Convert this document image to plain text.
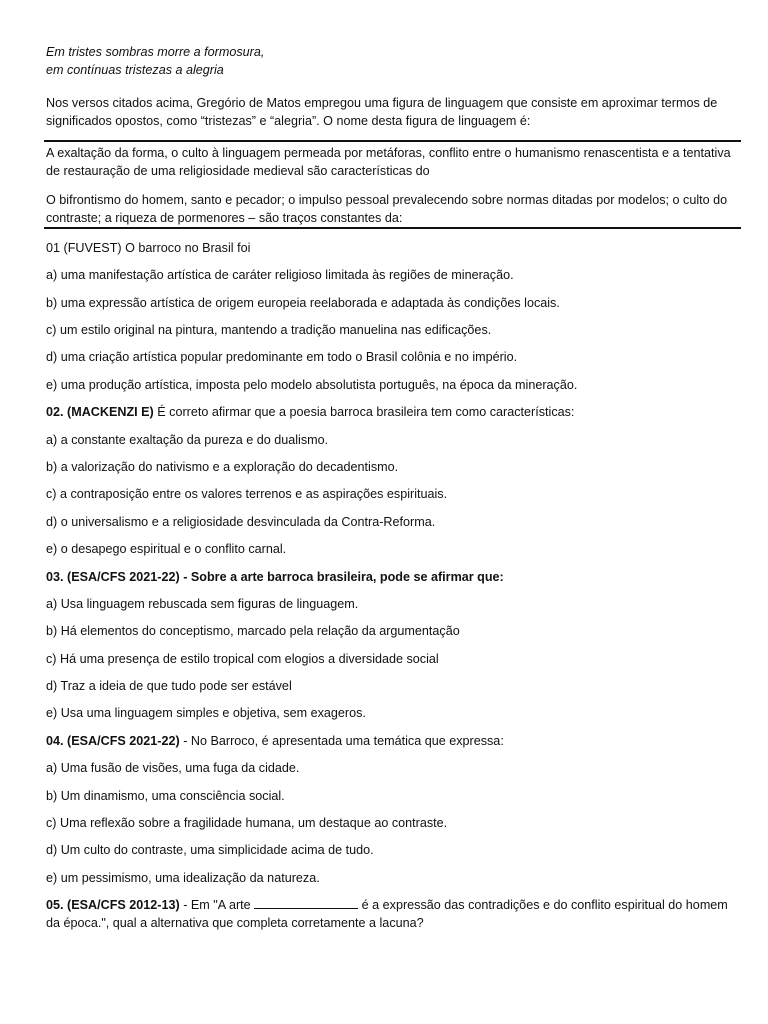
Em tristes sombras morre a formosura,
em contínuas tristezas a alegria
Nos versos citados acima, Gregório de Matos empregou uma figura de linguagem que consiste em aproximar termos de significados opostos, como “tristezas” e “alegria”. O nome desta figura de linguagem é:
A exaltação da forma, o culto à linguagem permeada por metáforas, conflito entre o humanismo renascentista e a tentativa de restauração de uma religiosidade medieval são características do
O bifrontismo do homem, santo e pecador; o impulso pessoal prevalecendo sobre normas ditadas por modelos; o culto do contraste; a riqueza de pormenores – são traços constantes da:
01 (FUVEST) O barroco no Brasil foi
a) uma manifestação artística de caráter religioso limitada às regiões de mineração.
b) uma expressão artística de origem europeia reelaborada e adaptada às condições locais.
c) um estilo original na pintura, mantendo a tradição manuelina nas edificações.
d) uma criação artística popular predominante em todo o Brasil colônia e no império.
e) uma produção artística, imposta pelo modelo absolutista português, na época da mineração.
02. (MACKENZI E) É correto afirmar que a poesia barroca brasileira tem como características:
a) a constante exaltação da pureza e do dualismo.
b) a valorização do nativismo e a exploração do decadentismo.
c) a contraposição entre os valores terrenos e as aspirações espirituais.
d) o universalismo e a religiosidade desvinculada da Contra-Reforma.
e) o desapego espiritual e o conflito carnal.
03. (ESA/CFS 2021-22) - Sobre a arte barroca brasileira, pode se afirmar que:
a) Usa linguagem rebuscada sem figuras de linguagem.
b) Há elementos do conceptismo, marcado pela relação da argumentação
c) Há uma presença de estilo tropical com elogios a diversidade social
d) Traz a ideia de que tudo pode ser estável
e) Usa uma linguagem simples e objetiva, sem exageros.
04. (ESA/CFS 2021-22) - No Barroco, é apresentada uma temática que expressa:
a) Uma fusão de visões, uma fuga da cidade.
b) Um dinamismo, uma consciência social.
c) Uma reflexão sobre a fragilidade humana, um destaque ao contraste.
d) Um culto do contraste, uma simplicidade acima de tudo.
e) um pessimismo, uma idealização da natureza.
05. (ESA/CFS 2012-13) - Em "A arte	é a expressão das contradições e do conflito espiritual do homem
da época.", qual a alternativa que completa corretamente a lacuna?
